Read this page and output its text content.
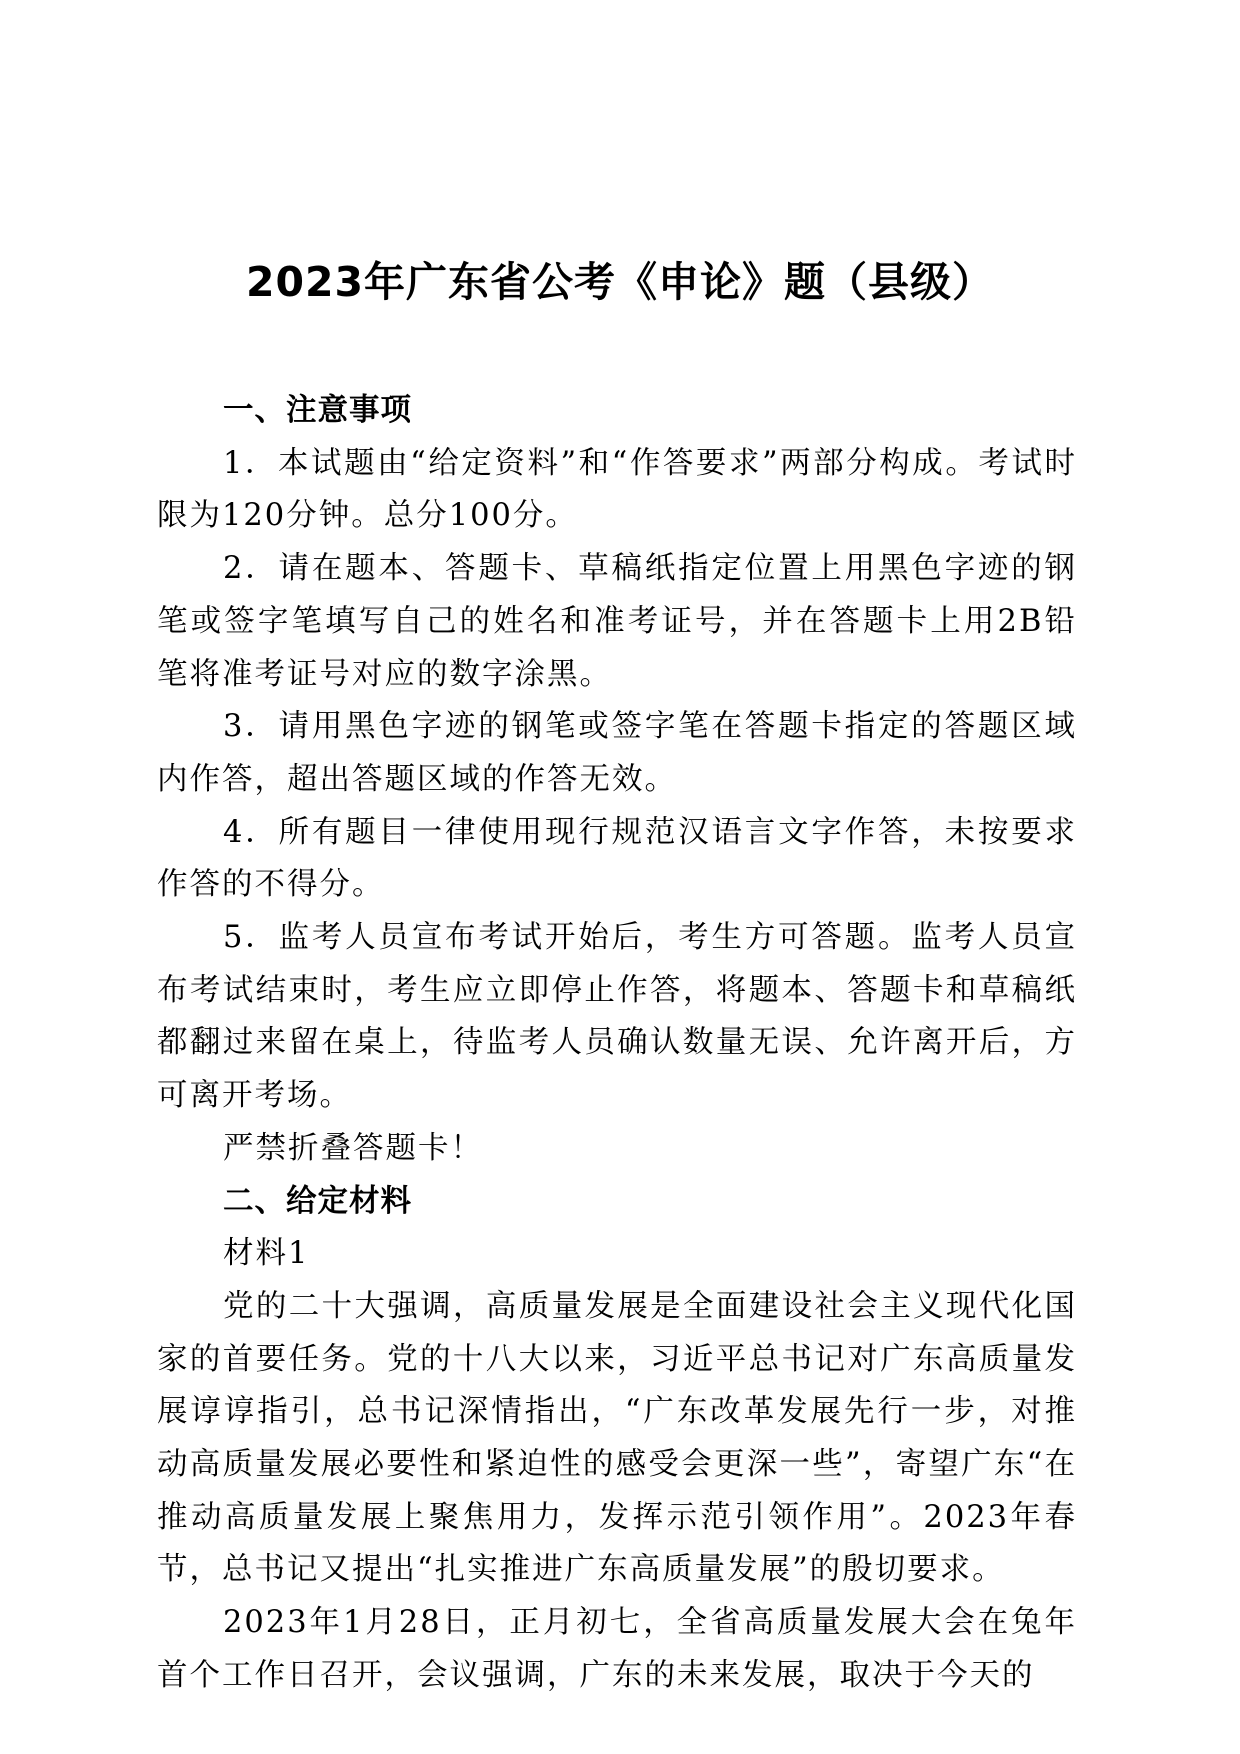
2023年广东省公考《申论》题（县级）

一、注意事项

1．本试题由“给定资料”和“作答要求”两部分构成。考试时限为120分钟。总分100分。

2．请在题本、答题卡、草稿纸指定位置上用黑色字迹的钢笔或签字笔填写自己的姓名和准考证号，并在答题卡上用2B铅笔将准考证号对应的数字涂黑。

3．请用黑色字迹的钢笔或签字笔在答题卡指定的答题区域内作答，超出答题区域的作答无效。

4．所有题目一律使用现行规范汉语言文字作答，未按要求作答的不得分。

5．监考人员宣布考试开始后，考生方可答题。监考人员宣布考试结束时，考生应立即停止作答，将题本、答题卡和草稿纸都翻过来留在桌上，待监考人员确认数量无误、允许离开后，方可离开考场。

严禁折叠答题卡！

二、给定材料

材料1

党的二十大强调，高质量发展是全面建设社会主义现代化国家的首要任务。党的十八大以来，习近平总书记对广东高质量发展谆谆指引，总书记深情指出，“广东改革发展先行一步，对推动高质量发展必要性和紧迫性的感受会更深一些”，寄望广东“在推动高质量发展上聚焦用力，发挥示范引领作用”。2023年春节，总书记又提出“扎实推进广东高质量发展”的殷切要求。

2023年1月28日，正月初七，全省高质量发展大会在兔年首个工作日召开，会议强调，广东的未来发展，取决于今天的
